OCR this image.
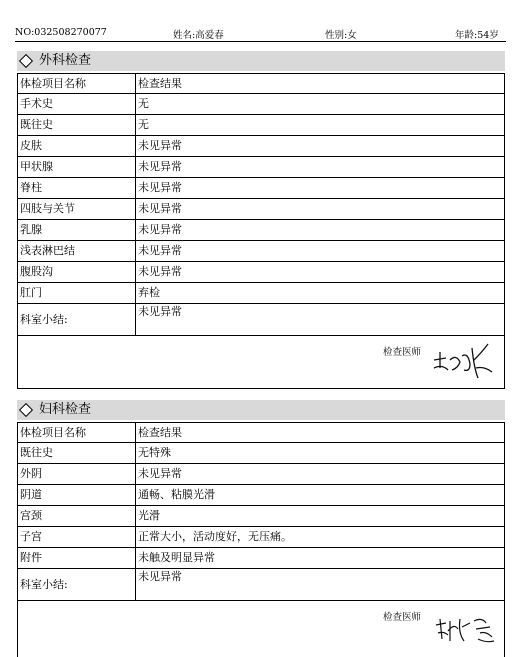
NO:032508270077	姓名:高爱春	性别:女	年龄:54岁
外科检查
体检项目名称	检查结果
手术史	无
既往史	无
皮肤	未见异常
甲状腺	未见异常
脊柱	未见异常
四肢与关节	未见异常
乳腺	未见异常
浅表淋巴结	未见异常
腹股沟	未见异常
肛门	弃检
科室小结:
未见异常
检查医师
妇科检查
体检项目名称	检查结果
既往史	无特殊
外阴	未见异常
阴道	通畅、粘膜光滑
宫颈	光滑
子宫	正常大小，活动度好，无压痛。
附件	未触及明显异常
科室小结:
未见异常
检查医师
